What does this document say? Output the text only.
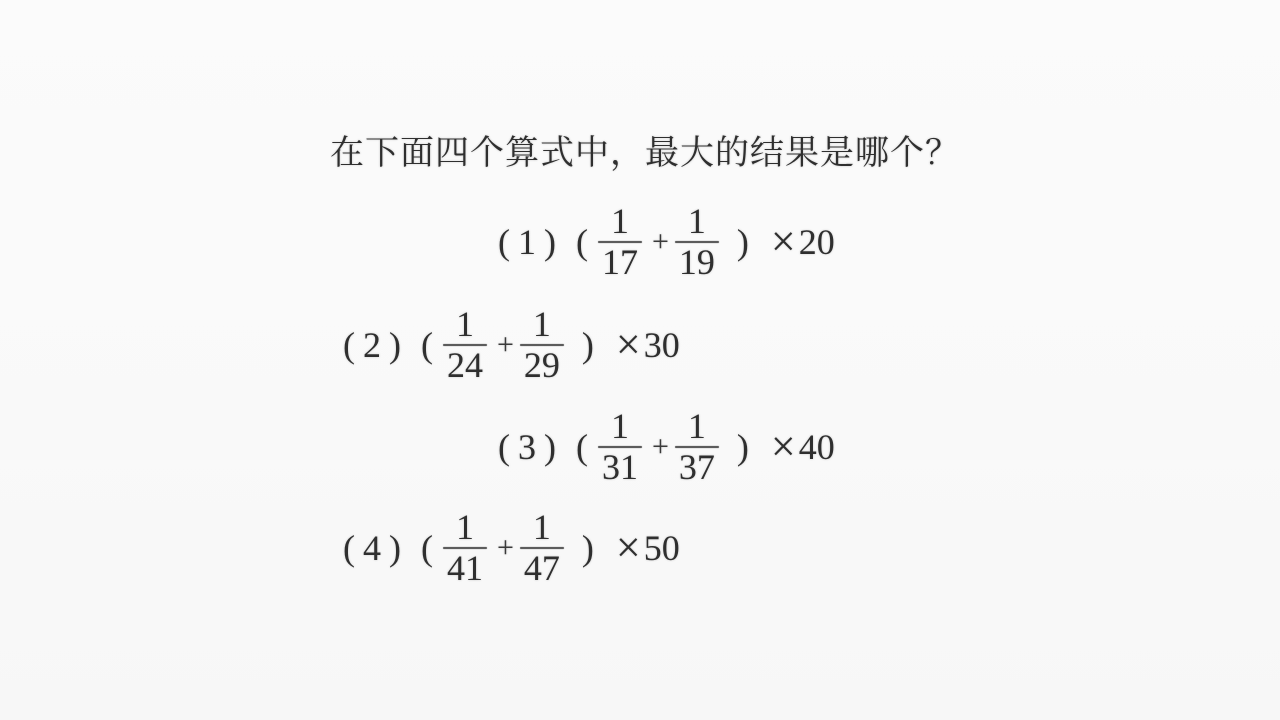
在下面四个算式中，最大的结果是哪个？
(1) ( $\frac{1}{17} + \frac{1}{19}$ ) × 20
(2) ( $\frac{1}{24} + \frac{1}{29}$ ) × 30
(3) ( $\frac{1}{31} + \frac{1}{37}$ ) × 40
(4) ( $\frac{1}{41} + \frac{1}{47}$ ) × 50
